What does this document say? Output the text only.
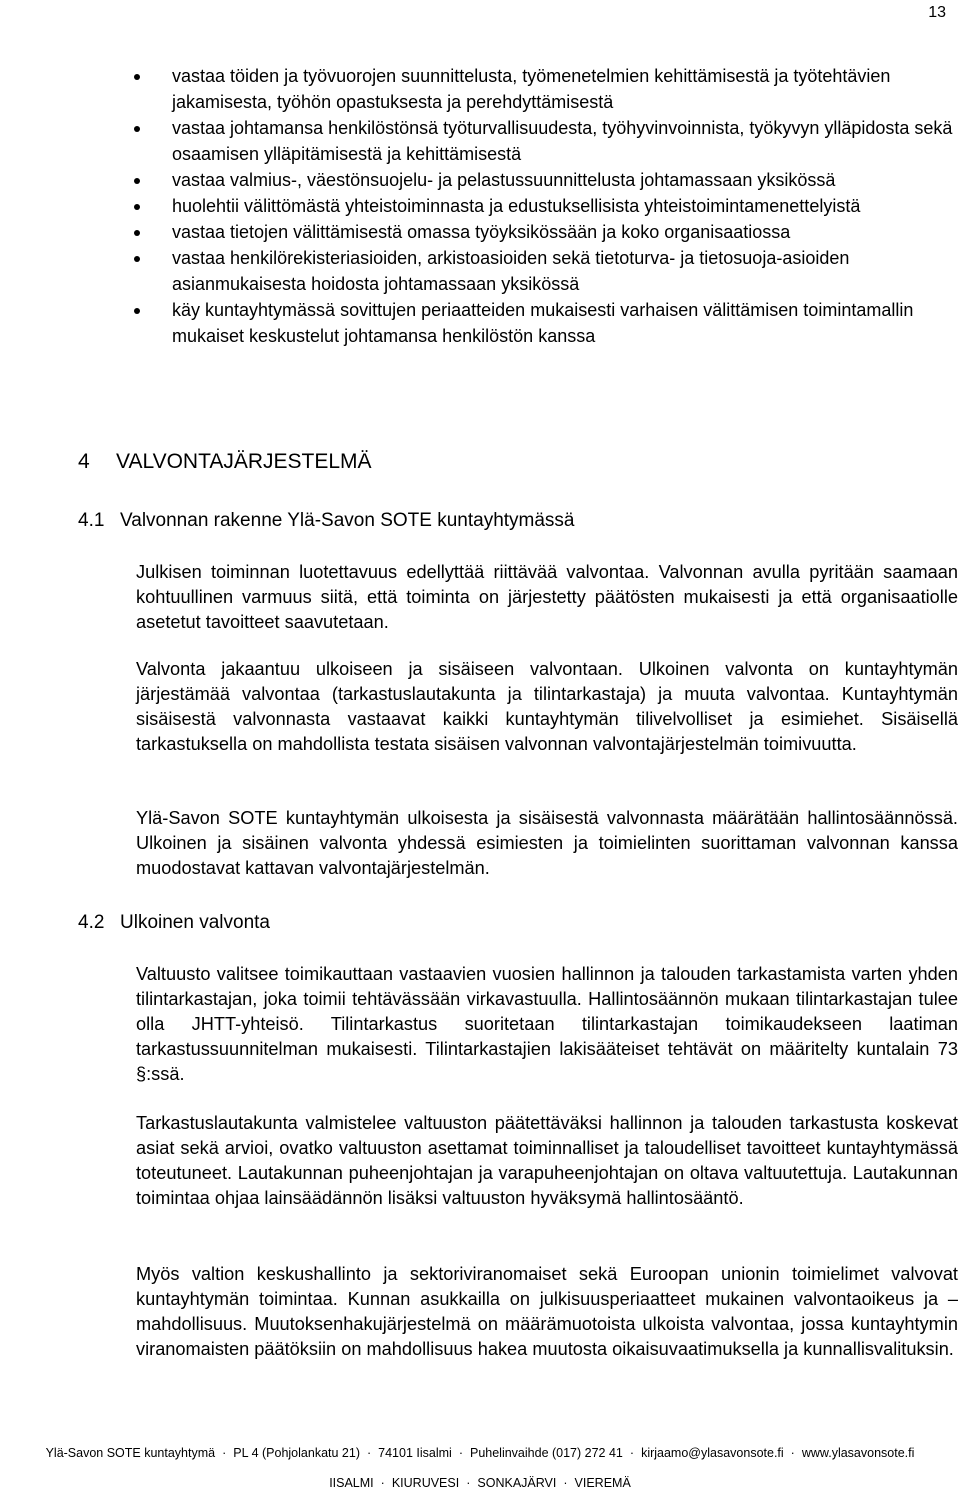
13
vastaa töiden ja työvuorojen suunnittelusta, työmenetelmien kehittämisestä ja työtehtävien jakamisesta, työhön opastuksesta ja perehdyttämisestä
vastaa johtamansa henkilöstönsä työturvallisuudesta, työhyvinvoinnista, työkyvyn ylläpidosta sekä osaamisen ylläpitämisestä ja kehittämisestä
vastaa valmius-, väestönsuojelu- ja pelastussuunnittelusta johtamassaan yksikössä
huolehtii välittömästä yhteistoiminnasta ja edustuksellisista yhteistoimintamenettelyistä
vastaa tietojen välittämisestä omassa työyksikössään ja koko organisaatiossa
vastaa henkilörekisteriasioiden, arkistoasioiden sekä tietoturva- ja tietosuoja-asioiden asianmukaisesta hoidosta johtamassaan yksikössä
käy kuntayhtymässä sovittujen periaatteiden mukaisesti varhaisen välittämisen toimintamallin mukaiset keskustelut johtamansa henkilöstön kanssa
4 VALVONTAJÄRJESTELMÄ
4.1 Valvonnan rakenne Ylä-Savon SOTE kuntayhtymässä

Julkisen toiminnan luotettavuus edellyttää riittävää valvontaa. Valvonnan avulla pyritään saamaan kohtuullinen varmuus siitä, että toiminta on järjestetty päätösten mukaisesti ja että organisaatiolle asetetut tavoitteet saavutetaan.

Valvonta jakaantuu ulkoiseen ja sisäiseen valvontaan. Ulkoinen valvonta on kuntayhtymän järjestämää valvontaa (tarkastuslautakunta ja tilintarkastaja) ja muuta valvontaa. Kuntayhtymän sisäisestä valvonnasta vastaavat kaikki kuntayhtymän tilivelvolliset ja esimiehet. Sisäisellä tarkastuksella on mahdollista testata sisäisen valvonnan valvontajärjestelmän toimivuutta.

Ylä-Savon SOTE kuntayhtymän ulkoisesta ja sisäisestä valvonnasta määrätään hallintosäännössä. Ulkoinen ja sisäinen valvonta yhdessä esimiesten ja toimielinten suorittaman valvonnan kanssa muodostavat kattavan valvontajärjestelmän.

4.2 Ulkoinen valvonta

Valtuusto valitsee toimikauttaan vastaavien vuosien hallinnon ja talouden tarkastamista varten yhden tilintarkastajan, joka toimii tehtävässään virkavastuulla. Hallintosäännön mukaan tilintarkastajan tulee olla JHTT-yhteisö. Tilintarkastus suoritetaan tilintarkastajan toimikaudekseen laatiman tarkastussuunnitelman mukaisesti. Tilintarkastajien lakisääteiset tehtävät on määritelty kuntalain 73 §:ssä.

Tarkastuslautakunta valmistelee valtuuston päätettäväksi hallinnon ja talouden tarkastusta koskevat asiat sekä arvioi, ovatko valtuuston asettamat toiminnalliset ja taloudelliset tavoitteet kuntayhtymässä toteutuneet. Lautakunnan puheenjohtajan ja varapuheenjohtajan on oltava valtuutettuja. Lautakunnan toimintaa ohjaa lainsäädännön lisäksi valtuuston hyväksymä hallintosääntö.

Myös valtion keskushallinto ja sektoriviranomaiset sekä Euroopan unionin toimielimet valvovat kuntayhtymän toimintaa. Kunnan asukkailla on julkisuusperiaatteet mukainen valvontaoikeus ja –mahdollisuus. Muutoksenhakujärjestelmä on määrämuotoista ulkoista valvontaa, jossa kuntayhtymin viranomaisten päätöksiin on mahdollisuus hakea muutosta oikaisuvaatimuksella ja kunnallisvalituksin.

Ylä-Savon SOTE kuntayhtymä · PL 4 (Pohjolankatu 21) · 74101 Iisalmi · Puhelinvaihde (017) 272 41 · kirjaamo@ylasavonsote.fi · www.ylasavonsote.fi
IISALMI · KIURUVESI · SONKAJÄRVI · VIEREMÄ
